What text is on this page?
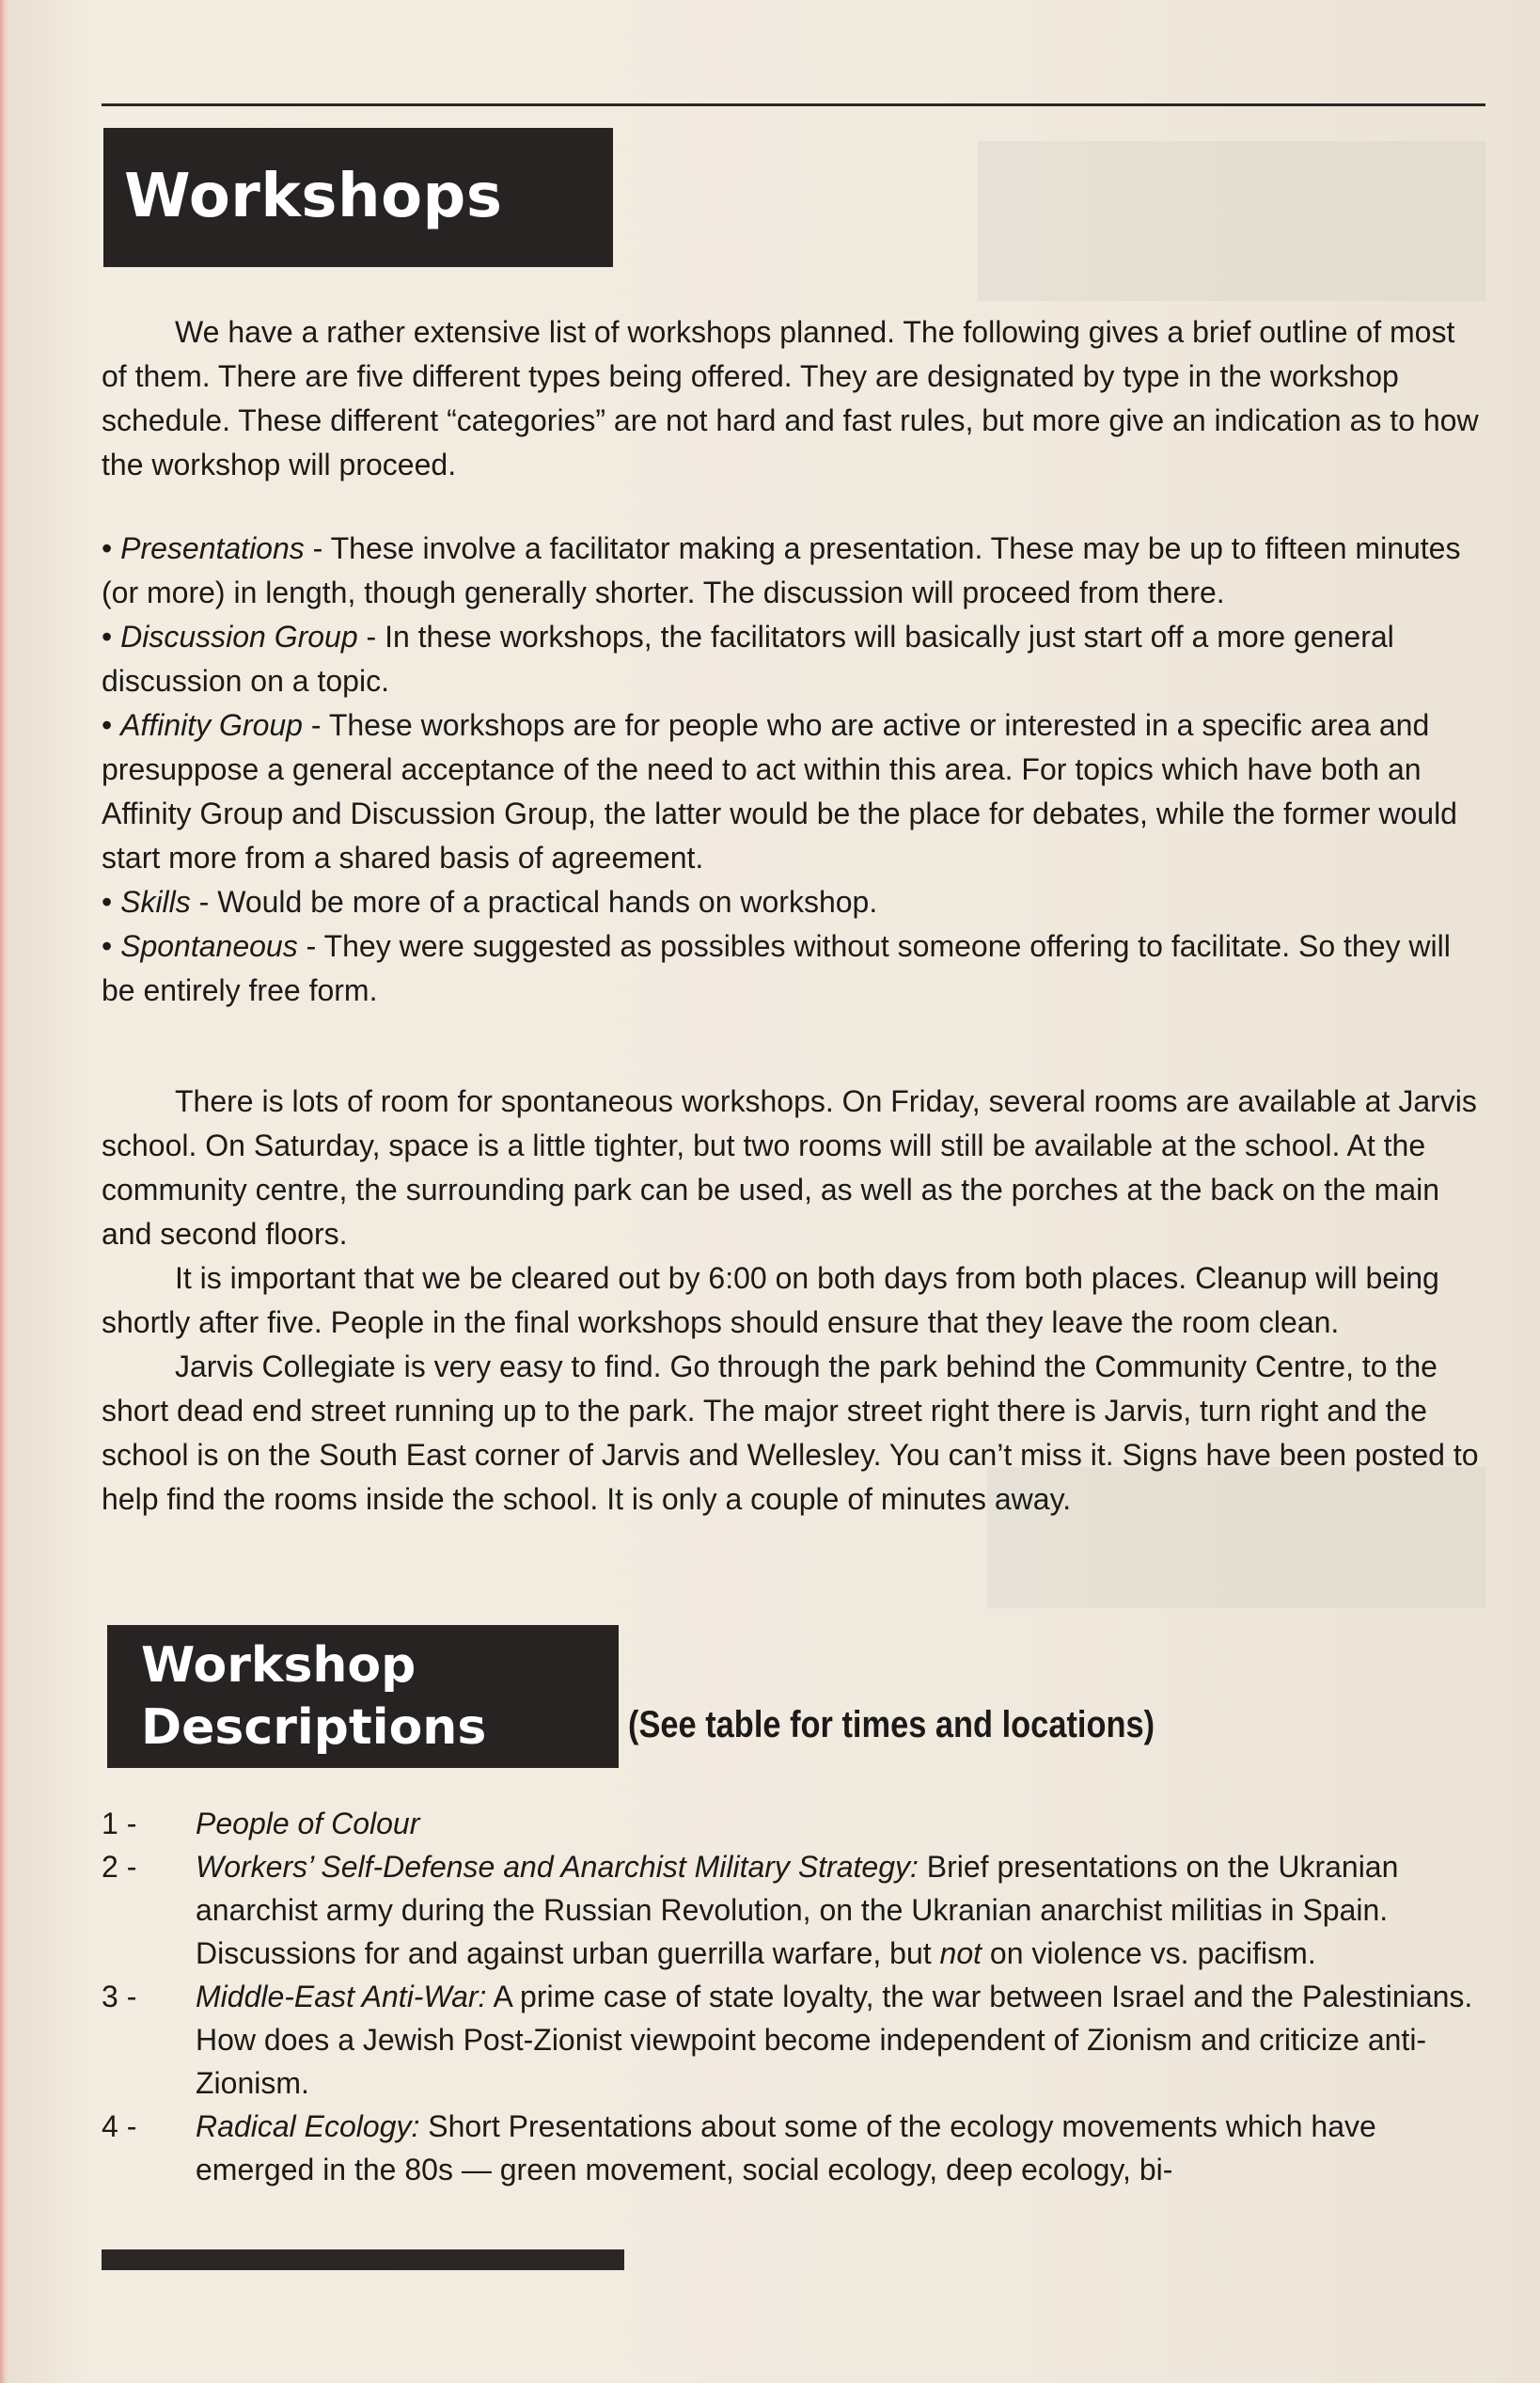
Workshops

We have a rather extensive list of workshops planned. The following gives a brief outline of most of them. There are five different types being offered. They are designated by type in the workshop schedule. These different “categories” are not hard and fast rules, but more give an indication as to how the workshop will proceed.

• Presentations - These involve a facilitator making a presentation. These may be up to fifteen minutes (or more) in length, though generally shorter. The discussion will proceed from there.

• Discussion Group - In these workshops, the facilitators will basically just start off a more general discussion on a topic.

• Affinity Group - These workshops are for people who are active or interested in a specific area and presuppose a general acceptance of the need to act within this area. For topics which have both an Affinity Group and Discussion Group, the latter would be the place for debates, while the former would start more from a shared basis of agreement.

• Skills - Would be more of a practical hands on workshop.

• Spontaneous - They were suggested as possibles without someone offering to facilitate. So they will be entirely free form.

There is lots of room for spontaneous workshops. On Friday, several rooms are available at Jarvis school. On Saturday, space is a little tighter, but two rooms will still be available at the school. At the community centre, the surrounding park can be used, as well as the porches at the back on the main and second floors.

It is important that we be cleared out by 6:00 on both days from both places. Cleanup will being shortly after five. People in the final workshops should ensure that they leave the room clean.

Jarvis Collegiate is very easy to find. Go through the park behind the Community Centre, to the short dead end street running up to the park. The major street right there is Jarvis, turn right and the school is on the South East corner of Jarvis and Wellesley. You can’t miss it. Signs have been posted to help find the rooms inside the school. It is only a couple of minutes away.

Workshop
Descriptions	(See table for times and locations)
1 -	People of Colour
2 -	Workers’ Self-Defense and Anarchist Military Strategy: Brief presentations on the Ukranian anarchist army during the Russian Revolution, on the Ukranian anarchist militias in Spain. Discussions for and against urban guerrilla warfare, but not on violence vs. pacifism.
3 -	Middle-East Anti-War: A prime case of state loyalty, the war between Israel and the Palestinians. How does a Jewish Post-Zionist viewpoint become independent of Zionism and criticize anti-Zionism.
4 -	Radical Ecology: Short Presentations about some of the ecology movements which have emerged in the 80s — green movement, social ecology, deep ecology, bi-
